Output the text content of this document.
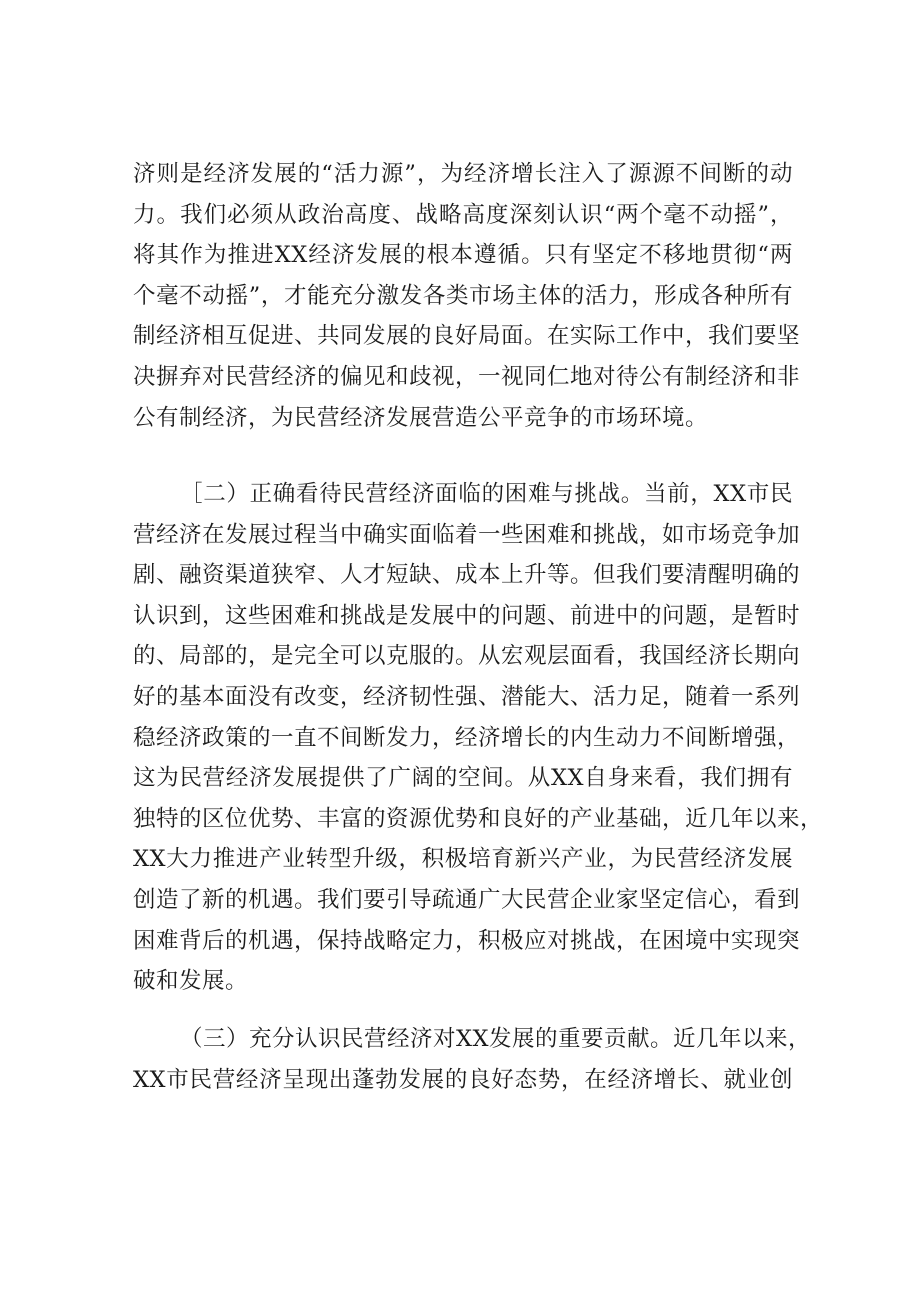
济则是经济发展的“活力源”，为经济增长注入了源源不间断的动
力。我们必须从政治高度、战略高度深刻认识“两个毫不动摇”，
将其作为推进XX经济发展的根本遵循。只有坚定不移地贯彻“两
个毫不动摇”，才能充分激发各类市场主体的活力，形成各种所有
制经济相互促进、共同发展的良好局面。在实际工作中，我们要坚
决摒弃对民营经济的偏见和歧视，一视同仁地对待公有制经济和非
公有制经济，为民营经济发展营造公平竞争的市场环境。
［二）正确看待民营经济面临的困难与挑战。当前，XX市民
营经济在发展过程当中确实面临着一些困难和挑战，如市场竞争加
剧、融资渠道狭窄、人才短缺、成本上升等。但我们要清醒明确的
认识到，这些困难和挑战是发展中的问题、前进中的问题，是暂时
的、局部的，是完全可以克服的。从宏观层面看，我国经济长期向
好的基本面没有改变，经济韧性强、潜能大、活力足，随着一系列
稳经济政策的一直不间断发力，经济增长的内生动力不间断增强，
这为民营经济发展提供了广阔的空间。从XX自身来看，我们拥有
独特的区位优势、丰富的资源优势和良好的产业基础，近几年以来，
XX大力推进产业转型升级，积极培育新兴产业，为民营经济发展
创造了新的机遇。我们要引导疏通广大民营企业家坚定信心，看到
困难背后的机遇，保持战略定力，积极应对挑战，在困境中实现突
破和发展。
（三）充分认识民营经济对XX发展的重要贡献。近几年以来，
XX市民营经济呈现出蓬勃发展的良好态势，在经济增长、就业创
